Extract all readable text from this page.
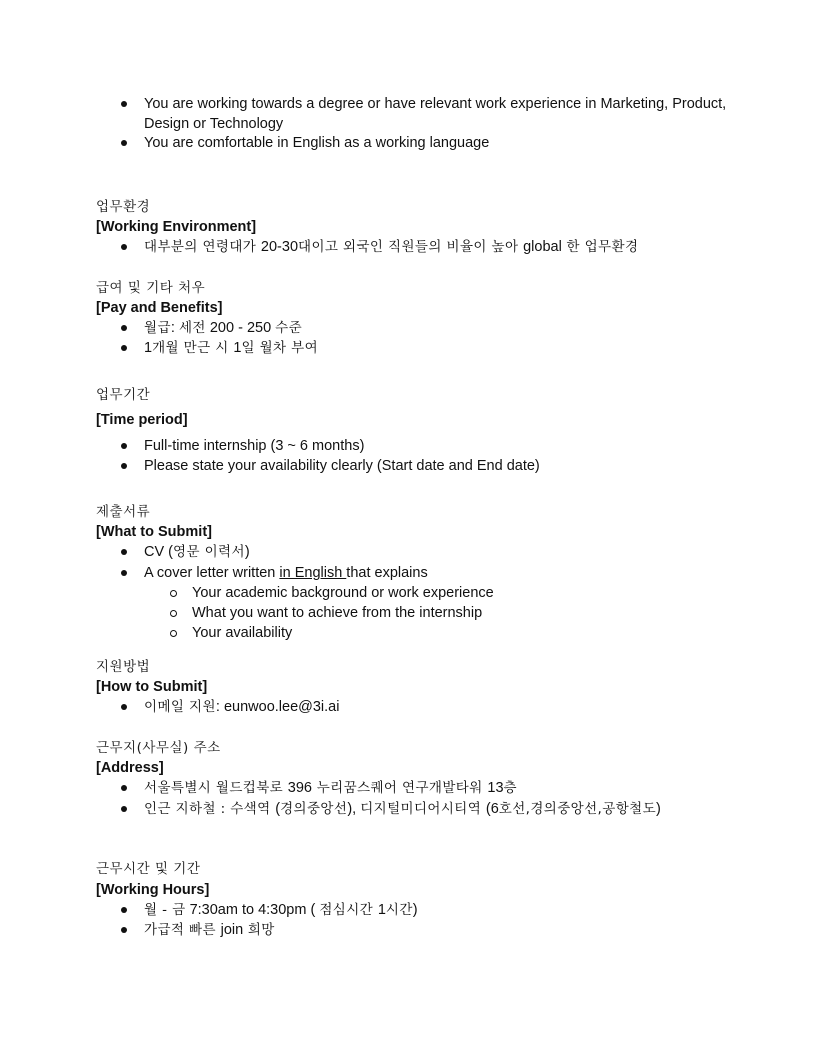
You are working towards a degree or have relevant work experience in Marketing, Product,
Design or Technology
You are comfortable in English as a working language
업무환경
[Working Environment]
대부분의 연령대가 20-30대이고 외국인 직원들의 비율이 높아 global 한 업무환경
급여 및 기타 처우
[Pay and Benefits]
월급: 세전 200 - 250 수준
1개월 만근 시 1일 월차 부여
업무기간
[Time period]
Full-time internship (3 ~ 6 months)
Please state your availability clearly (Start date and End date)
제출서류
[What to Submit]
CV (영문 이력서)
A cover letter written in English that explains
Your academic background or work experience
What you want to achieve from the internship
Your availability
지원방법
[How to Submit]
이메일 지원: eunwoo.lee@3i.ai
근무지(사무실) 주소
[Address]
서울특별시 월드컵북로 396 누리꿈스퀘어 연구개발타워 13층
인근 지하철 : 수색역 (경의중앙선), 디지털미디어시티역 (6호선,경의중앙선,공항철도)
근무시간 및 기간
[Working Hours]
월 - 금 7:30am to 4:30pm ( 점심시간 1시간)
가급적 빠른 join 희망
